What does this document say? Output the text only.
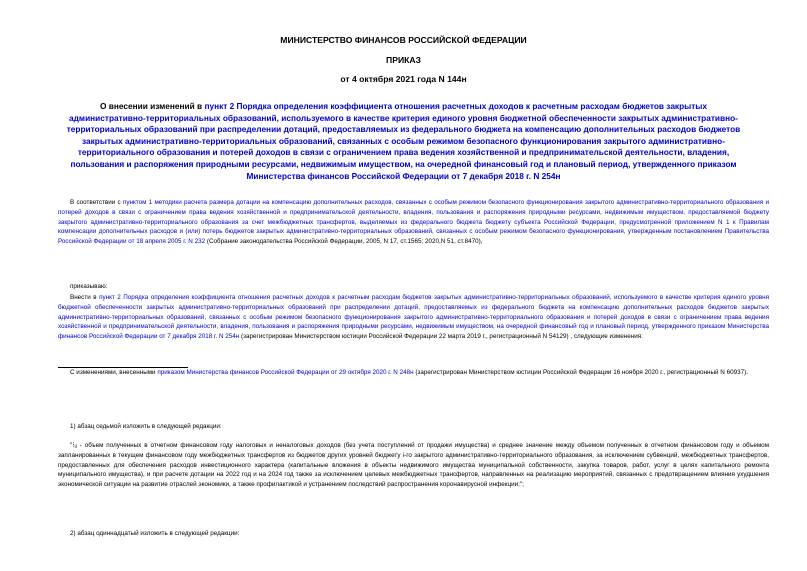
МИНИСТЕРСТВО ФИНАНСОВ РОССИЙСКОЙ ФЕДЕРАЦИИ
ПРИКАЗ
от 4 октября 2021 года N 144н
О внесении изменений в пункт 2 Порядка определения коэффициента отношения расчетных доходов к расчетным расходам бюджетов закрытых административно-территориальных образований, используемого в качестве критерия единого уровня бюджетной обеспеченности закрытых административно-территориальных образований при распределении дотаций, предоставляемых из федерального бюджета на компенсацию дополнительных расходов бюджетов закрытых административно-территориальных образований, связанных с особым режимом безопасного функционирования закрытого административно-территориального образования и потерей доходов в связи с ограничением права ведения хозяйственной и предпринимательской деятельности, владения, пользования и распоряжения природными ресурсами, недвижимым имуществом, на очередной финансовый год и плановый период, утвержденного приказом Министерства финансов Российской Федерации от 7 декабря 2018 г. N 254н

В соответствии с пунктом 1 методики расчета размера дотации на компенсацию дополнительных расходов, связанных с особым режимом безопасного функционирования закрытого административно-территориального образования и потерей доходов в связи с ограничением права ведения хозяйственной и предпринимательской деятельности, владения, пользования и распоряжения природными ресурсами, недвижимым имуществом, предоставляемой бюджету закрытого административно-территориального образования за счет межбюджетных трансфертов, выделяемых из федерального бюджета бюджету субъекта Российской Федерации, предусмотренной приложением N 1 к Правилам компенсации дополнительных расходов и (или) потерь бюджетов закрытых административно-территориальных образований, связанных с особым режимом безопасного функционирования, утвержденным постановлением Правительства Российской Федерации от 18 апреля 2005 г. N 232 (Собрание законодательства Российской Федерации, 2005, N 17, ст.1565; 2020,N 51, ст.8470),

приказываю:

Внести в пункт 2 Порядка определения коэффициента отношения расчетных доходов к расчетным расходам бюджетов закрытых административно-территориальных образований, используемого в качестве критерия единого уровня бюджетной обеспеченности закрытых административно-территориальных образований при распределении дотаций, предоставляемых из федерального бюджета на компенсацию дополнительных расходов бюджетов закрытых административно-территориальных образований, связанных с особым режимом безопасного функционирования закрытого административно-территориального образования и потерей доходов в связи с ограничением права ведения хозяйственной и предпринимательской деятельности, владения, пользования и распоряжения природными ресурсами, недвижимым имуществом, на очередной финансовый год и плановый период, утвержденного приказом Министерства финансов Российской Федерации от 7 декабря 2018 г. N 254н (зарегистрирован Министерством юстиции Российской Федерации 22 марта 2019 г., регистрационный N 54129) , следующие изменения:

С изменениями, внесенными приказом Министерства финансов Российской Федерации от 29 октября 2020 г. N 248н (зарегистрирован Министерством юстиции Российской Федерации 16 ноября 2020 г., регистрационный N 60937).

1) абзац седьмой изложить в следующей редакции:

"⁝ᵢⱼ - объем полученных в отчетном финансовом году налоговых и неналоговых доходов (без учета поступлений от продажи имущества) и среднее значение между объемом полученных в отчетном финансовом году и объемом запланированных в текущем финансовом году межбюджетных трансфертов из бюджетов других уровней бюджету i-го закрытого административно-территориального образования, за исключением субвенций, межбюджетных трансфертов, предоставленных для обеспечения расходов инвестиционного характера (капитальные вложения в объекты недвижимого имущества муниципальной собственности, закупка товаров, работ, услуг в целях капитального ремонта муниципального имущества), и при расчете дотации на 2022 год и на 2024 год также за исключением целевых межбюджетных трансфертов, направленных на реализацию мероприятий, связанных с предотвращением влияния ухудшения экономической ситуации на развитие отраслей экономики, а также профилактикой и устранением последствий распространения коронавирусной инфекции;";

2) абзац одиннадцатый изложить в следующей редакции:
